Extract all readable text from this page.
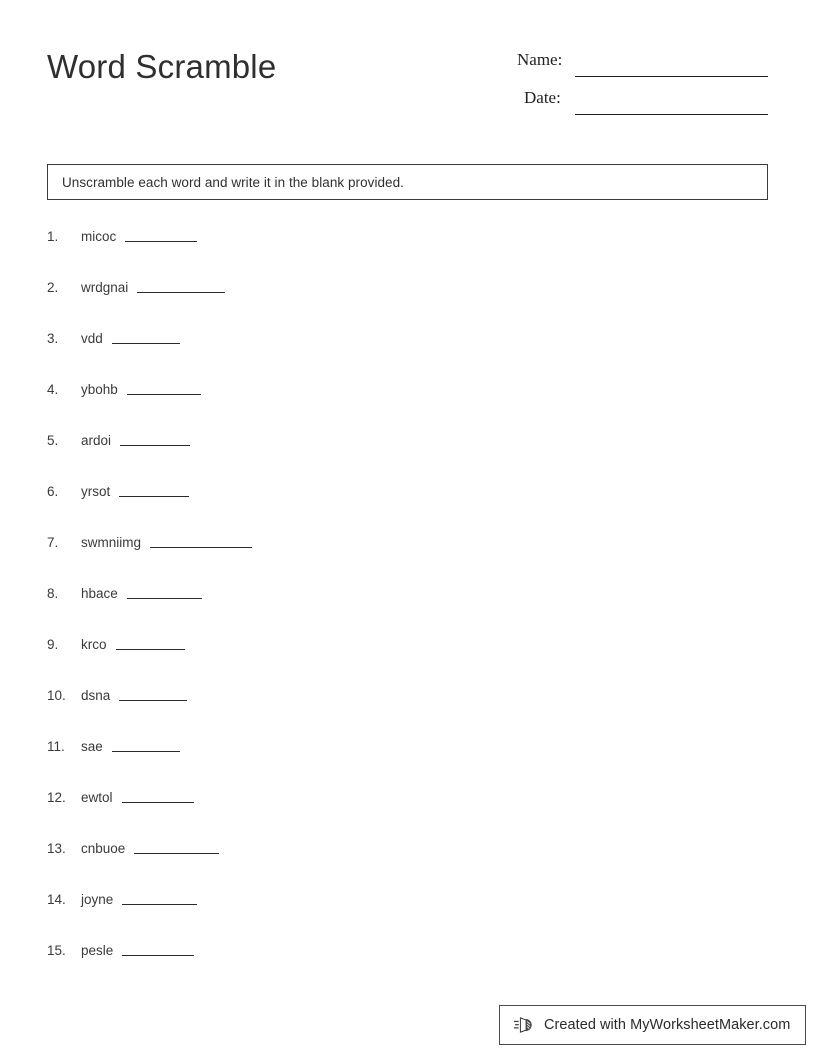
Word Scramble	Name:
Date:
Unscramble each word and write it in the blank provided.
1.	micoc
2.	wrdgnai
3.	vdd
4.	ybohb
5.	ardoi
6.	yrsot
7.	swmniimg
8.	hbace
9.	krco
10.	dsna
11.	sae
12.	ewtol
13.	cnbuoe
14.	joyne
15.	pesle
Created with MyWorksheetMaker.com
